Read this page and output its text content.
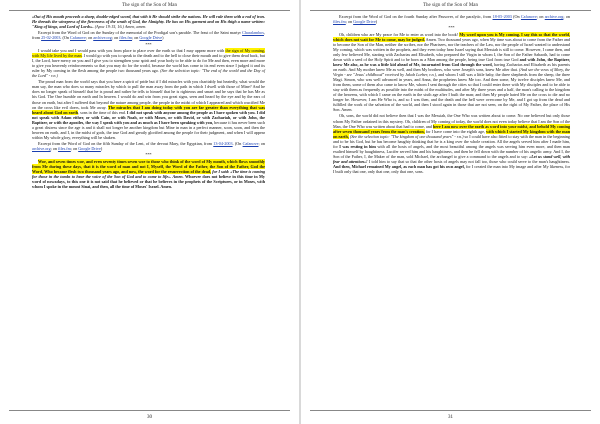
The sign of the Son of Man

«Out of His mouth proceeds a sharp, double-edged sword, that with it He should strike the nations. He will rule them with a rod of iron. He threads the winepress of the fierceness of the wrath of God, the Almighty. He has on His garment and on His thigh a name written: "King of kings, and Lord of Lords». (Apoc 19:15, 16.) Amen, amen.

Excerpt from the Word of God on the Sunday of the memorial of the Prodigal son's parable. The feast of the Saint martyr Charalambos, from 25-02-2003. (On Cafanove; on archive.org; on files.fm; on Google Drive)

***

I would take you and I would pass with you from place to place over the earth so that I may appear more with the sign of My coming, with My life lived by the man. I would go with you to speak to the death and to the hell to close their mouth and to give them dead back, but I, the Lord, have mercy on you and I give you to strengthen your spirit and your body to be able to do for Me and then, even more and more to give you heavenly reinforcements so that you may do for the world, because the world has come to its end even since I judged it and its ruler by My coming in the flesh among the people two thousand years ago. (See the selection topic: "The end of the world and the Day of the Lord" - r.n.)

The proud man from the world says that you have a spirit of pride but if I did miracles with you charitably but heatedly, what would the man say, the man who does so many miracles by which to pull the man away from the path in which I dwell with those of Mine? And he does no longer speak of himself that he is proud and rather he tells to himself that he is righteous and smart and he says that he has Me as his God. The One humble on earth and In heaven. I would do and win from you great signs, seen and heard by the eye and by the ears of those on earth, but after I suffered that beyond the nature among people, the people in the midst of which I appeared and which crucified Me on the cross like evil doers, took Me away. The miracles that I am doing today with you are far greater than everything that was heard about God on earth, sons in the time of this end. I did not speak with anyone among the people as I have spoken with you. I did not speak with Adam either, or with Cain, or with Noah, or with Moses, or with David, or with Zachariah, or with John, the Baptizer, or with the apostles, the way I speak with you and as much as I have been speaking with you, because it has never been such a great distress since the age is and it shall not longer be another kingdom but Mine in man in a perfect manner, soon, soon, and then the heaven on earth, and I, in the midst of gods, the true God and greatly glorified among the people for their judgment, and when I will appear within My whole glory, everything will be shaken.

Excerpt from the Word of God on the fifth Sunday of the Lent, of the devout Mary, the Egyptian, from 13-04-2003. (On Cafanove; on archive.org; on files.fm; on Google Drive)

***

Woe, and seven times woe, and even seventy times seven woe to those who think of the word of My mouth, which flows smoothly from Me during these days, that it is the word of man and not I, Myself, the Word of the Father, the Son of the Father, God the Word, Who became flesh two thousand years ago, and now, the word for the resurrection of the dead, for I said: «The time is coming for those in the tombs to hear the voice of the Son of God and to come to life». Amen. Whoever does not believe in this time in My word of nowadays, to this one it is not said that he believed or that he believes in the prophets of the Scriptures, or in Moses, with whom I spoke in the mount Sinai, and then, all the time of Moses' Israel. Amen.

30
The sign of the Son of Man

Excerpt from the Word of God on the fourth Sunday after Passover, of the paralytic, from 18-05-2003 (On Cafanove; on archive.org; on files.fm; on Google Drive)

***

Oh, children who are My peace for Me to enter as word into the book! My word upon you is My coming. I say this so that the world, which does not wait for Me to come, may be judged. Amen. Two thousand years ago, when My time was about to come from the Father and to become the Son of the Man, neither the scribes, nor the Pharisees, nor the teachers of the Law, nor the people of Israel wanted to understand My coming, which was written in the prophets, and they even today hear Israel saying that Messiah is still to come. However, I came then, and only few believed Me, starting with Zacharias and Elisabeth, who prepared the Virgin in whom I, the Son of the Father Sabaoth, had to come down with a seed of the Holy Spirit and to be born as a Man among the people, being true God from true God and with John, the Baptizer, knew Me also, as he was a little kid ahead of Me, incarnated from God through the word, having Zacharias and Elisabeth as his parents on earth. And My mother knew Me as well, and then My brothers, who were Joseph's sons, knew Me after that. (And see the vows of Mary, the Virgin - see "Jesus' childhood" received by Jakob Lorber, r.n.), and whom I still was a little baby, the three shepherds from the sheep, the three Magi. Simon, who was well advanced in years, and Anna, the prophetess knew Me too. And then some, My twelve disciples knew Me, and from them, some of them also came to know Me, whom I sent through the cities so that I could enter there with My disciples and to be able to stay with them as frequently as possible into the midst of the multitudes, and after My three years and a half, the man's calling to the kingdom of the heavens, with which I came on the earth in the sixth age after I built the man; and then My people hated Me on the cross to die and no longer be. However, I am He Who is, and so I was then, and the death and the hell were overcome by Me, and I got up from the dead and fulfilled the work of the salvation of the world, and then I stood again in those that are not seen, on the right of My Father, the place of His Son. Amen.

Oh, sons, the world did not believe then that I was the Messiah, the One Who was written about to come. No one believed but only those whom My Father ordained in this mystery. Oh, children of My coming of today, the world does not even today believe that I am the Son of the Man, the One Who was written about that had to come, and here I am now over the earth as word into your midst, and behold My coming after seven thousand years from the man's creation, for I have come into the eighth age, with which I started My kingdom with the man on earth, (See the selection topic: "The kingdom of one thousand years" - r.n.) so I could have also fitted to stay with the man in the beginning and to be his God, but he has become haughty thinking that he is a king over the whole creation. All the angels served him after I made him, for I was resting in him with all the hosts of angels, and the most beautiful among the angels was serving him even more, and then man exalted himself by haughtiness, Lucifer served him and his haughtiness, and then he fell down with the number of his angelic army. And I, the Son of the Father, I, the Maker of the man, sold Michael, the archangel to give a command to the angels and to say: «Let us stand well, with fear and attention»! I told him to say that so that the other hosts of angels may not fall too, those who could serve to the man's haughtiness. And then, Michael remained My angel, as each man has got his own angel, for I created the man into My image and after My likeness, for I built only that one, only that one, only that one, sons.

31
